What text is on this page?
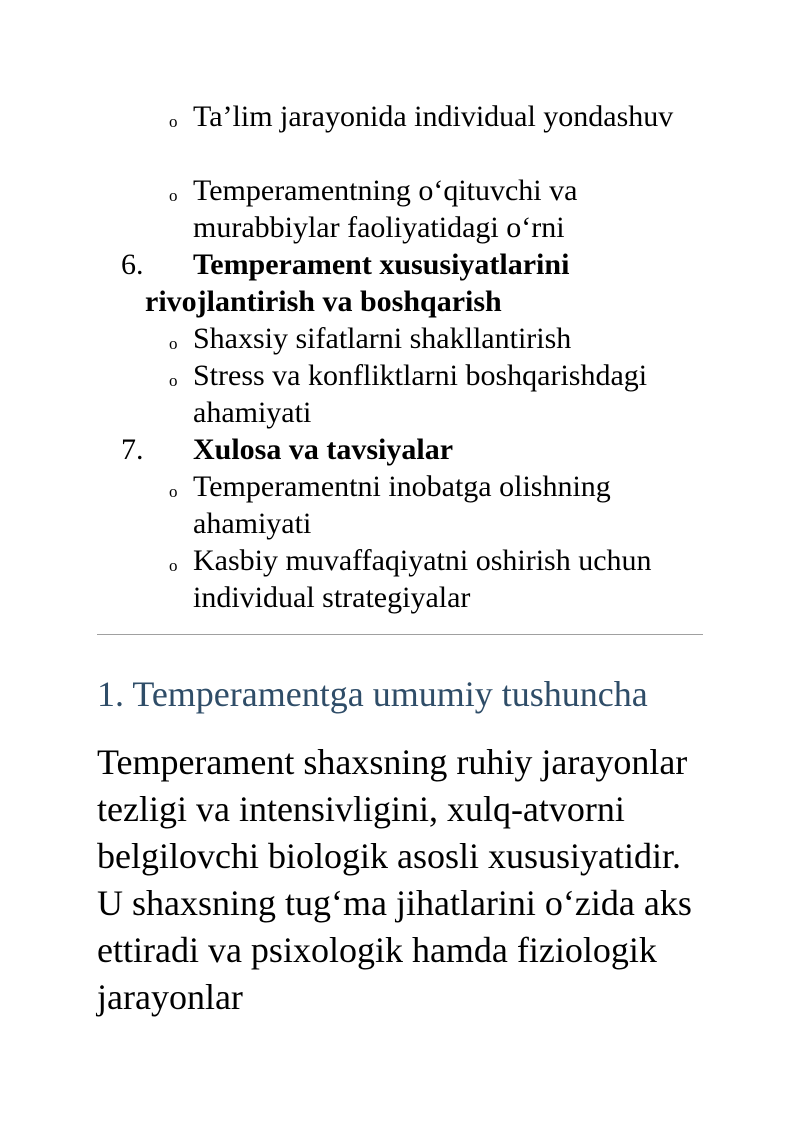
o Ta’lim jarayonida individual yondashuv
o Temperamentning o‘qituvchi va murabbiylar faoliyatidagi o‘rni
6.	Temperament xususiyatlarini rivojlantirish va boshqarish
o Shaxsiy sifatlarni shakllantirish
o Stress va konfliktlarni boshqarishdagi ahamiyati
7.	Xulosa va tavsiyalar
o Temperamentni inobatga olishning ahamiyati
o Kasbiy muvaffaqiyatni oshirish uchun individual strategiyalar
1. Temperamentga umumiy tushuncha
Temperament shaxsning ruhiy jarayonlar tezligi va intensivligini, xulq-atvorni belgilovchi biologik asosli xususiyatidir. U shaxsning tug‘ma jihatlarini o‘zida aks ettiradi va psixologik hamda fiziologik jarayonlar
